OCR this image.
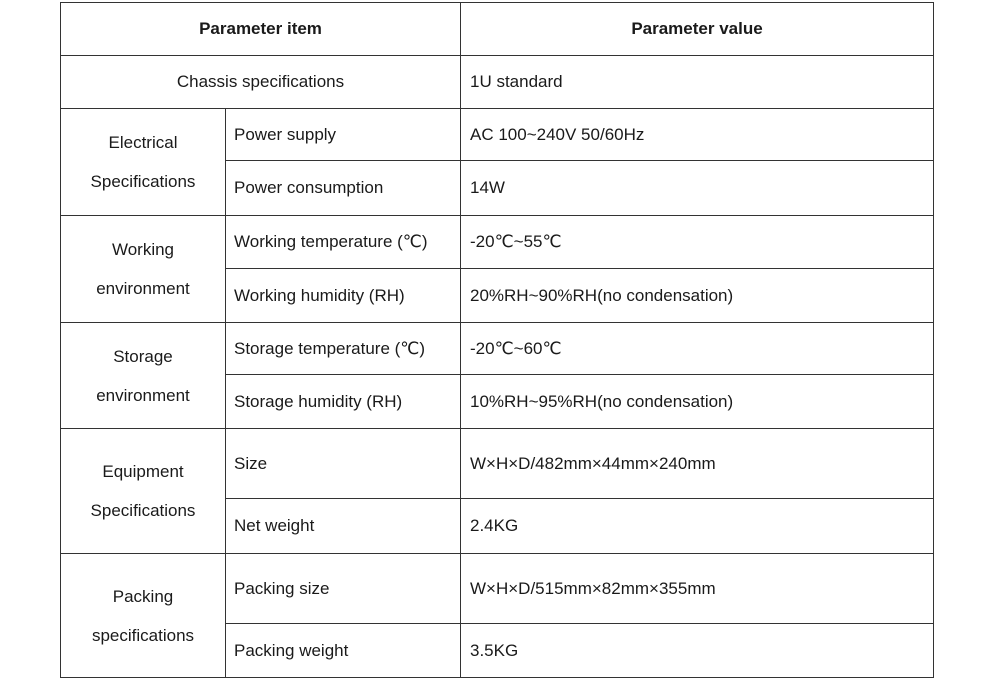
Parameter item		Parameter value
Chassis specifications		1U standard

Electrical
Specifications	Power supply	AC 100~240V 50/60Hz
	Power consumption	14W

Working
environment	Working temperature (℃)	-20℃~55℃
	Working humidity (RH)	20%RH~90%RH(no condensation)

Storage
environment	Storage temperature (℃)	-20℃~60℃
	Storage humidity (RH)	10%RH~95%RH(no condensation)

Equipment
Specifications	Size	W×H×D/482mm×44mm×240mm
	Net weight	2.4KG

Packing
specifications	Packing size	W×H×D/515mm×82mm×355mm
	Packing weight	3.5KG
